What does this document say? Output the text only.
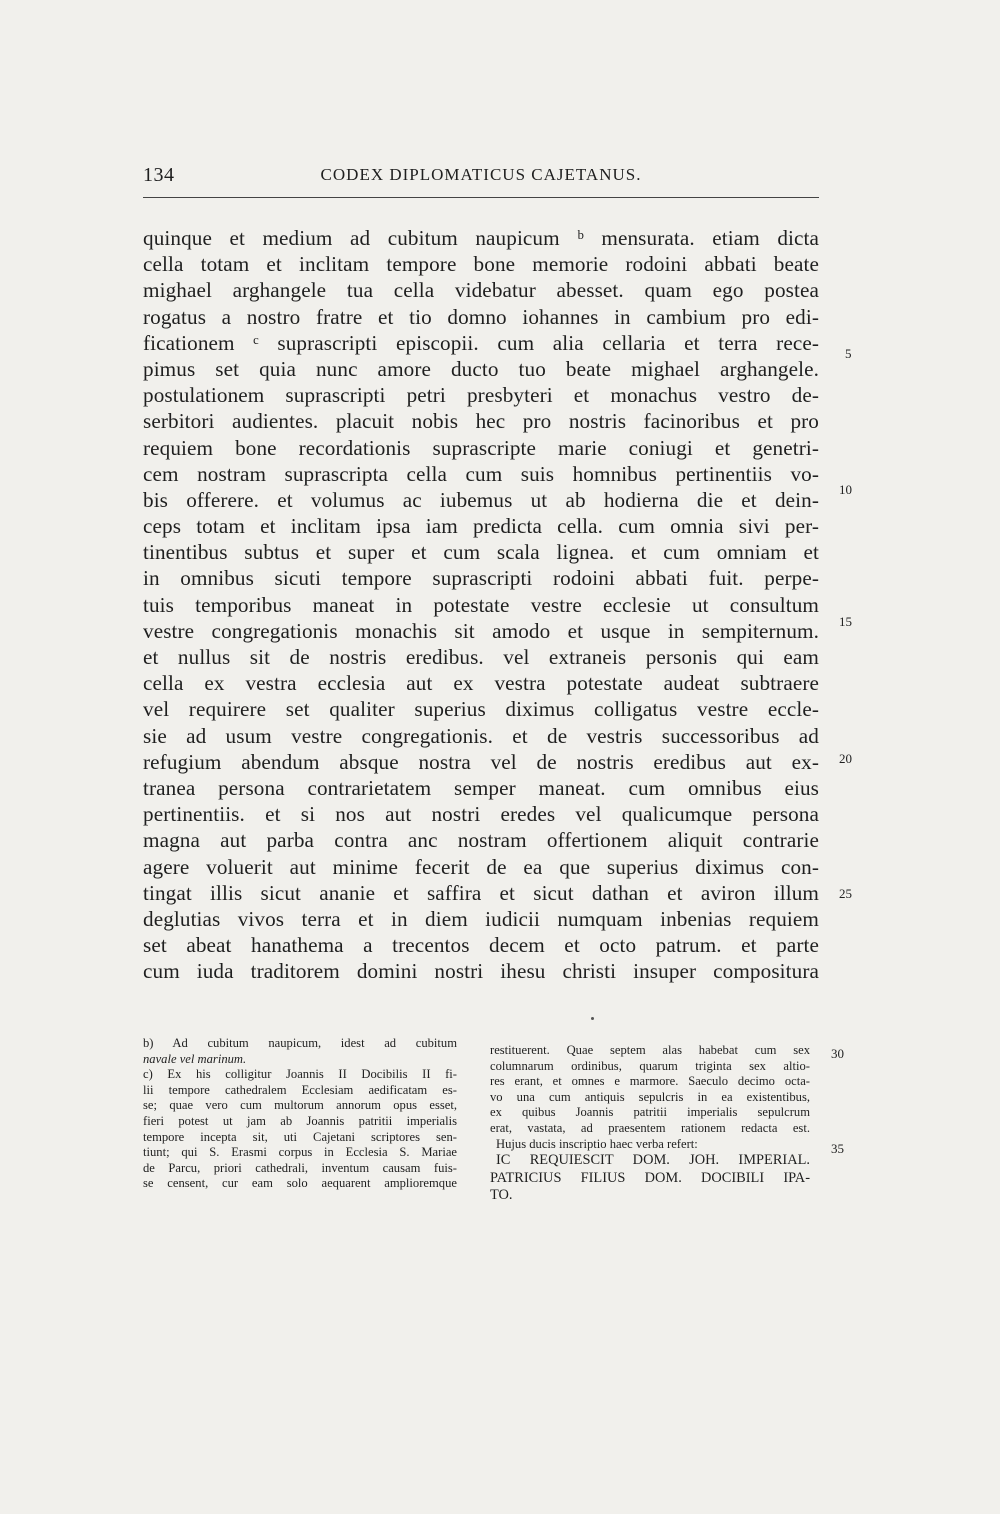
134	CODEX DIPLOMATICUS CAJETANUS.
quinque et medium ad cubitum naupicum ᵇ mensurata. etiam dicta
cella totam et inclitam tempore bone memorie rodoini abbati beate
mighael arghangele tua cella videbatur abesset. quam ego postea
rogatus a nostro fratre et tio domno iohannes in cambium pro edi-
ficationem ᶜ suprascripti episcopii. cum alia cellaria et terra rece-
pimus set quia nunc amore ducto tuo beate mighael arghangele.
postulationem suprascripti petri presbyteri et monachus vestro de-
serbitori audientes. placuit nobis hec pro nostris facinoribus et pro
requiem bone recordationis suprascripte marie coniugi et genetri-
cem nostram suprascripta cella cum suis homnibus pertinentiis vo-
bis offerere. et volumus ac iubemus ut ab hodierna die et dein-
ceps totam et inclitam ipsa iam predicta cella. cum omnia sivi per-
tinentibus subtus et super et cum scala lignea. et cum omniam et
in omnibus sicuti tempore suprascripti rodoini abbati fuit. perpe-
tuis temporibus maneat in potestate vestre ecclesie ut consultum
vestre congregationis monachis sit amodo et usque in sempiternum.
et nullus sit de nostris eredibus. vel extraneis personis qui eam
cella ex vestra ecclesia aut ex vestra potestate audeat subtraere
vel requirere set qualiter superius diximus colligatus vestre eccle-
sie ad usum vestre congregationis. et de vestris successoribus ad
refugium abendum absque nostra vel de nostris eredibus aut ex-
tranea persona contrarietatem semper maneat. cum omnibus eius
pertinentiis. et si nos aut nostri eredes vel qualicumque persona
magna aut parba contra anc nostram offertionem aliquit contrarie
agere voluerit aut minime fecerit de ea que superius diximus con-
tingat illis sicut ananie et saffira et sicut dathan et aviron illum
deglutias vivos terra et in diem iudicii numquam inbenias requiem
set abeat hanathema a trecentos decem et octo patrum. et parte
cum iuda traditorem domini nostri ihesu christi insuper compositura
5
10
15
20
25
b) Ad cubitum naupicum, idest ad cubitum
navale vel marinum.
c) Ex his colligitur Joannis II Docibilis II fi-
lii tempore cathedralem Ecclesiam aedificatam es-
se; quae vero cum multorum annorum opus esset,
fieri potest ut jam ab Joannis patritii imperialis
tempore incepta sit, uti Cajetani scriptores sen-
tiunt; qui S. Erasmi corpus in Ecclesia S. Mariae
de Parcu, priori cathedrali, inventum causam fuis-
se censent, cur eam solo aequarent amplioremque
restituerent. Quae septem alas habebat cum sex
columnarum ordinibus, quarum triginta sex altio-
res erant, et omnes e marmore. Saeculo decimo octa-
vo una cum antiquis sepulcris in ea existentibus,
ex quibus Joannis patritii imperialis sepulcrum
erat, vastata, ad praesentem rationem redacta est.
Hujus ducis inscriptio haec verba refert:
IC REQUIESCIT DOM. JOH. IMPERIAL.
PATRICIUS FILIUS DOM. DOCIBILI IPA-
TO.
30
35
